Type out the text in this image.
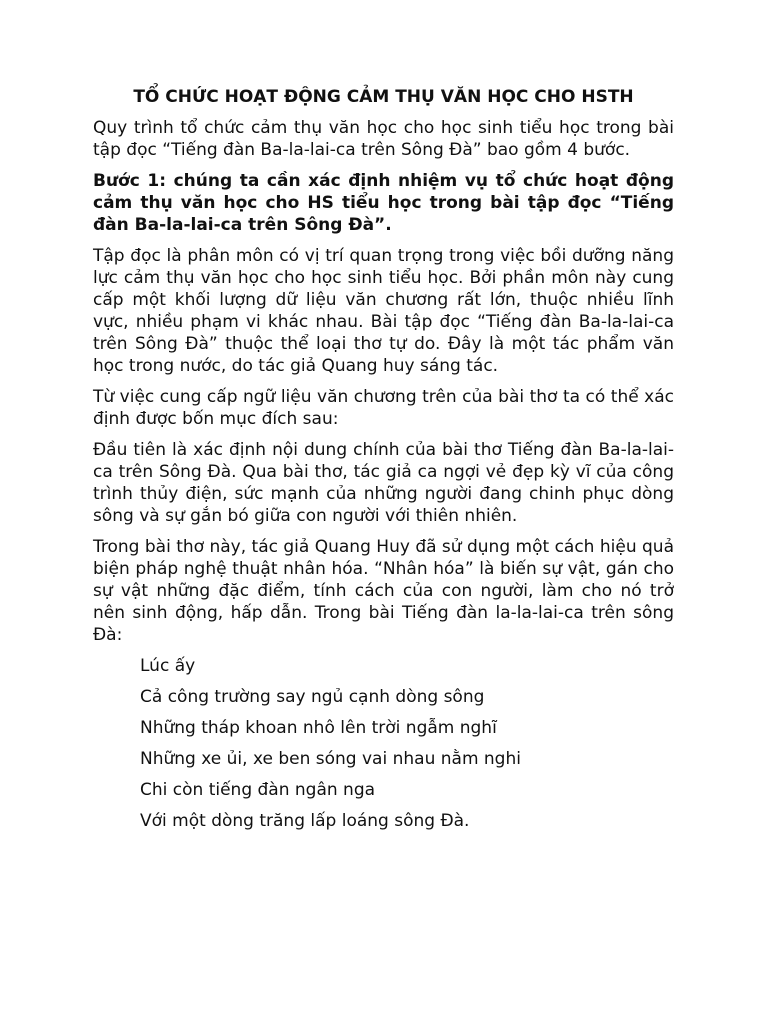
TỔ CHỨC HOẠT ĐỘNG CẢM THỤ VĂN HỌC CHO HSTH

Quy trình tổ chức cảm thụ văn học cho học sinh tiểu học trong bài tập đọc “Tiếng đàn Ba-la-lai-ca trên Sông Đà” bao gồm 4 bước.

Bước 1: chúng ta cần xác định nhiệm vụ tổ chức hoạt động cảm thụ văn học cho HS tiểu học trong bài tập đọc “Tiếng đàn Ba-la-lai-ca trên Sông Đà”.

Tập đọc là phân môn có vị trí quan trọng trong việc bồi dưỡng năng lực cảm thụ văn học cho học sinh tiểu học. Bởi phần môn này cung cấp một khối lượng dữ liệu văn chương rất lớn, thuộc nhiều lĩnh vực, nhiều phạm vi khác nhau. Bài tập đọc “Tiếng đàn Ba-la-lai-ca trên Sông Đà” thuộc thể loại thơ tự do. Đây là một tác phẩm văn học trong nước, do tác giả Quang huy sáng tác.

Từ việc cung cấp ngữ liệu văn chương trên của bài thơ ta có thể xác định được bốn mục đích sau:

Đầu tiên là xác định nội dung chính của bài thơ Tiếng đàn Ba-la-lai-ca trên Sông Đà. Qua bài thơ, tác giả ca ngợi vẻ đẹp kỳ vĩ của công trình thủy điện, sức mạnh của những người đang chinh phục dòng sông và sự gắn bó giữa con người với thiên nhiên.

Trong bài thơ này, tác giả Quang Huy đã sử dụng một cách hiệu quả biện pháp nghệ thuật nhân hóa. “Nhân hóa” là biến sự vật, gán cho sự vật những đặc điểm, tính cách của con người, làm cho nó trở nên sinh động, hấp dẫn. Trong bài Tiếng đàn la-la-lai-ca trên sông Đà:

Lúc ấy
Cả công trường say ngủ cạnh dòng sông
Những tháp khoan nhô lên trời ngẫm nghĩ
Những xe ủi, xe ben sóng vai nhau nằm nghi
Chi còn tiếng đàn ngân nga
Với một dòng trăng lấp loáng sông Đà.
